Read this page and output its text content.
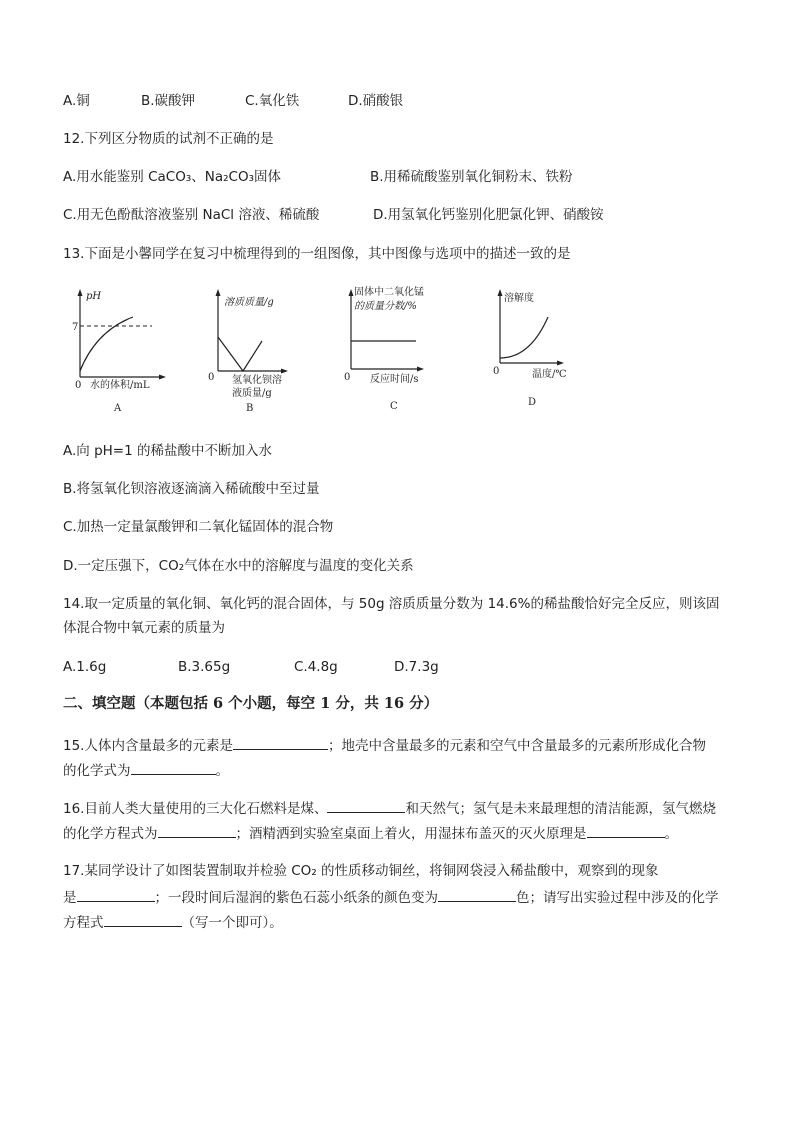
A.铜	B.碳酸钾	C.氧化铁	D.硝酸银
12.下列区分物质的试剂不正确的是
A.用水能鉴别 CaCO₃、Na₂CO₃固体	B.用稀硫酸鉴别氧化铜粉末、铁粉
C.用无色酚酞溶液鉴别 NaCl 溶液、稀硫酸	D.用氢氧化钙鉴别化肥氯化钾、硝酸铵
13.下面是小馨同学在复习中梳理得到的一组图像，其中图像与选项中的描述一致的是
pH
7
0 水的体积/mL
A
溶质质量/g
0 氢氧化钡溶
液质量/g
B
固体中二氧化锰
的质量分数/%
0 反应时间/s
C
溶解度
0	温度/℃
D
A.向 pH=1 的稀盐酸中不断加入水
B.将氢氧化钡溶液逐滴滴入稀硫酸中至过量
C.加热一定量氯酸钾和二氧化锰固体的混合物
D.一定压强下，CO₂气体在水中的溶解度与温度的变化关系
14.取一定质量的氧化铜、氧化钙的混合固体，与 50g 溶质质量分数为 14.6%的稀盐酸恰好完全反应，则该固
体混合物中氧元素的质量为
A.1.6g	B.3.65g	C.4.8g	D.7.3g
二、填空题（本题包括 6 个小题，每空 1 分，共 16 分）
15.人体内含量最多的元素是	；地壳中含量最多的元素和空气中含量最多的元素所形成化合物
的化学式为	。
16.目前人类大量使用的三大化石燃料是煤、	和天然气；氢气是未来最理想的清洁能源，氢气燃烧
的化学方程式为	；酒精洒到实验室桌面上着火，用湿抹布盖灭的灭火原理是	。
17.某同学设计了如图装置制取并检验 CO₂ 的性质移动铜丝，将铜网袋浸入稀盐酸中，观察到的现象
是	；一段时间后湿润的紫色石蕊小纸条的颜色变为	色；请写出实验过程中涉及的化学
方程式	（写一个即可）。
